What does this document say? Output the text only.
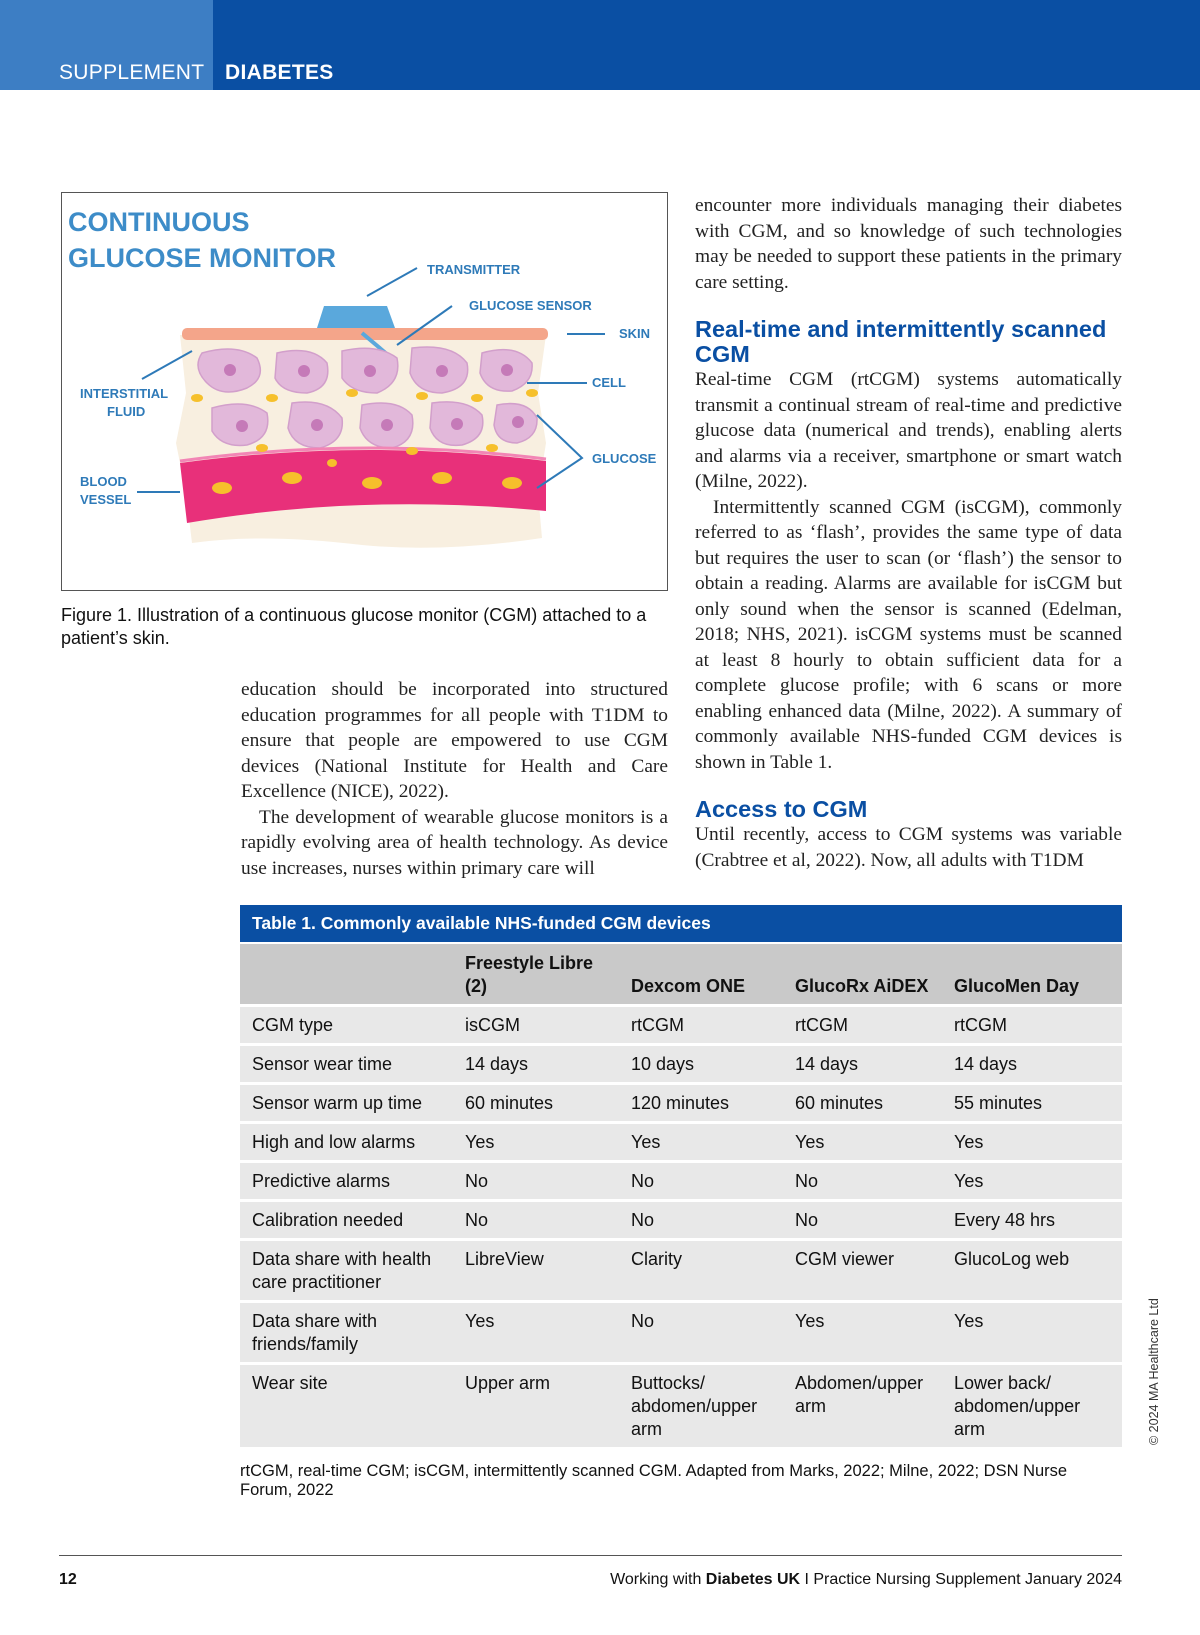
SUPPLEMENT DIABETES
CONTINUOUS
GLUCOSE MONITOR	TRANSMITTER
GLUCOSE SENSOR
SKIN
CELL
GLUCOSE
INTERSTITIAL
FLUID
BLOOD
VESSEL
Figure 1. Illustration of a continuous glucose monitor (CGM) attached to a patient’s skin.

education should be incorporated into structured education programmes for all people with T1DM to ensure that people are empowered to use CGM devices (National Institute for Health and Care Excellence (NICE), 2022).

The development of wearable glucose monitors is a rapidly evolving area of health technology. As device use increases, nurses within primary care will

encounter more individuals managing their diabetes with CGM, and so knowledge of such technologies may be needed to support these patients in the primary care setting.

Real-time and intermittently scanned CGM

Real-time CGM (rtCGM) systems automatically transmit a continual stream of real-time and predictive glucose data (numerical and trends), enabling alerts and alarms via a receiver, smartphone or smart watch (Milne, 2022).

Intermittently scanned CGM (isCGM), commonly referred to as ‘flash’, provides the same type of data but requires the user to scan (or ‘flash’) the sensor to obtain a reading. Alarms are available for isCGM but only sound when the sensor is scanned (Edelman, 2018; NHS, 2021). isCGM systems must be scanned at least 8 hourly to obtain sufficient data for a complete glucose profile; with 6 scans or more enabling enhanced data (Milne, 2022). A summary of commonly available NHS-funded CGM devices is shown in Table 1.

Access to CGM

Until recently, access to CGM systems was variable (Crabtree et al, 2022). Now, all adults with T1DM

Table 1. Commonly available NHS-funded CGM devices				
	Freestyle Libre (2)	Dexcom ONE	GlucoRx AiDEX	GlucoMen Day
CGM type	isCGM	rtCGM	rtCGM	rtCGM
Sensor wear time	14 days	10 days	14 days	14 days
Sensor warm up time	60 minutes	120 minutes	60 minutes	55 minutes
High and low alarms	Yes	Yes	Yes	Yes
Predictive alarms	No	No	No	Yes
Calibration needed	No	No	No	Every 48 hrs
Data share with health care practitioner	LibreView	Clarity	CGM viewer	GlucoLog web
Data share with friends/family	Yes	No	Yes	Yes
Wear site	Upper arm	Buttocks/ abdomen/upper arm	Abdomen/upper arm	Lower back/ abdomen/upper arm
rtCGM, real-time CGM; isCGM, intermittently scanned CGM. Adapted from Marks, 2022; Milne, 2022; DSN Nurse Forum, 2022
© 2024 MA Healthcare Ltd
12	Working with Diabetes UK I Practice Nursing Supplement January 2024
